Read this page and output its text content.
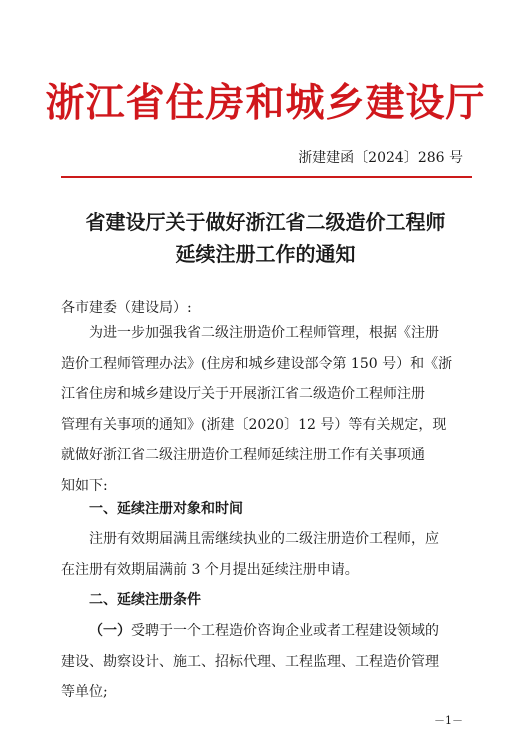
浙江省住房和城乡建设厅
浙建建函〔2024〕286 号
省建设厅关于做好浙江省二级造价工程师
延续注册工作的通知
各市建委（建设局）:
为进一步加强我省二级注册造价工程师管理，根据《注册
造价工程师管理办法》(住房和城乡建设部令第 150 号）和《浙
江省住房和城乡建设厅关于开展浙江省二级造价工程师注册
管理有关事项的通知》(浙建〔2020〕12 号）等有关规定，现
就做好浙江省二级注册造价工程师延续注册工作有关事项通
知如下:
一、延续注册对象和时间
注册有效期届满且需继续执业的二级注册造价工程师，应
在注册有效期届满前 3 个月提出延续注册申请。
二、延续注册条件
（一）受聘于一个工程造价咨询企业或者工程建设领域的
建设、勘察设计、施工、招标代理、工程监理、工程造价管理
等单位;
－1－
